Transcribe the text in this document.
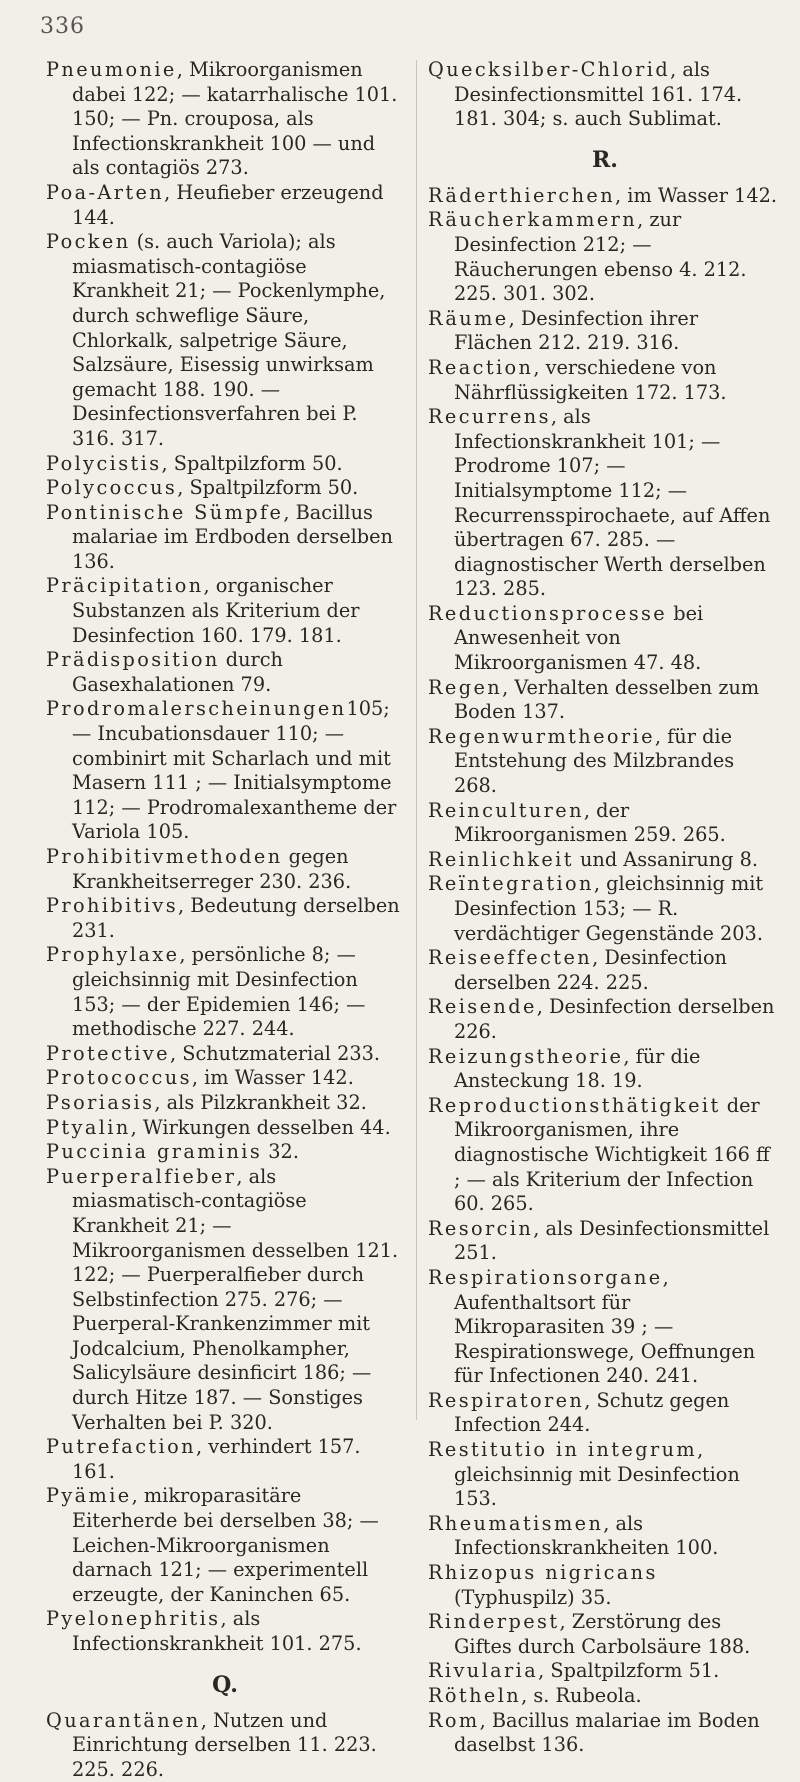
336

Pneumonie, Mikroorganismen dabei 122; — katarrhalische 101. 150; — Pn. crouposa, als Infectionskrankheit 100 — und als contagiös 273.

Poa-Arten, Heufieber erzeugend 144.

Pocken (s. auch Variola); als miasmatisch-contagiöse Krankheit 21; — Pockenlymphe, durch schweflige Säure, Chlorkalk, salpetrige Säure, Salzsäure, Eisessig unwirksam gemacht 188. 190. — Desinfectionsverfahren bei P. 316. 317.

Polycistis, Spaltpilzform 50.

Polycoccus, Spaltpilzform 50.

Pontinische Sümpfe, Bacillus malariae im Erdboden derselben 136.

Präcipitation, organischer Substanzen als Kriterium der Desinfection 160. 179. 181.

Prädisposition durch Gasexhalationen 79.

Prodromalerscheinungen105;— Incubationsdauer 110; — combinirt mit Scharlach und mit Masern 111 ; — Initialsymptome 112; — Prodromalexantheme der Variola 105.

Prohibitivmethoden gegen Krankheitserreger 230. 236.

Prohibitivs, Bedeutung derselben 231.

Prophylaxe, persönliche 8; — gleichsinnig mit Desinfection 153; — der Epidemien 146; — methodische 227. 244.

Protective, Schutzmaterial 233.

Protococcus, im Wasser 142.

Psoriasis, als Pilzkrankheit 32.

Ptyalin, Wirkungen desselben 44.

Puccinia graminis 32.

Puerperalfieber, als miasmatisch-contagiöse Krankheit 21; — Mikroorganismen desselben 121. 122; — Puerperalfieber durch Selbstinfection 275. 276; — Puerperal-Krankenzimmer mit Jodcalcium, Phenolkampher, Salicylsäure desinficirt 186; — durch Hitze 187. — Sonstiges Verhalten bei P. 320.

Putrefaction, verhindert 157. 161.

Pyämie, mikroparasitäre Eiterherde bei derselben 38; — Leichen-Mikroorganismen darnach 121; — experimentell erzeugte, der Kaninchen 65.

Pyelonephritis, als Infectionskrankheit 101. 275.

Q.

Quarantänen, Nutzen und Einrichtung derselben 11. 223. 225. 226.

Quecksilber-Chlorid, als Desinfectionsmittel 161. 174. 181. 304; s. auch Sublimat.

R.

Räderthierchen, im Wasser 142.

Räucherkammern, zur Desinfection 212; — Räucherungen ebenso 4. 212. 225. 301. 302.

Räume, Desinfection ihrer Flächen 212. 219. 316.

Reaction, verschiedene von Nährflüssigkeiten 172. 173.

Recurrens, als Infectionskrankheit 101; — Prodrome 107; — Initialsymptome 112; — Recurrensspirochaete, auf Affen übertragen 67. 285. — diagnostischer Werth derselben 123. 285.

Reductionsprocesse bei Anwesenheit von Mikroorganismen 47. 48.

Regen, Verhalten desselben zum Boden 137.

Regenwurmtheorie, für die Entstehung des Milzbrandes 268.

Reinculturen, der Mikroorganismen 259. 265.

Reinlichkeit und Assanirung 8.

Reïntegration, gleichsinnig mit Desinfection 153; — R. verdächtiger Gegenstände 203.

Reiseeffecten, Desinfection derselben 224. 225.

Reisende, Desinfection derselben 226.

Reizungstheorie, für die Ansteckung 18. 19.

Reproductionsthätigkeit der Mikroorganismen, ihre diagnostische Wichtigkeit 166 ff ; — als Kriterium der Infection 60. 265.

Resorcin, als Desinfectionsmittel 251.

Respirationsorgane, Aufenthaltsort für Mikroparasiten 39 ; — Respirationswege, Oeffnungen für Infectionen 240. 241.

Respiratoren, Schutz gegen Infection 244.

Restitutio in integrum, gleichsinnig mit Desinfection 153.

Rheumatismen, als Infectionskrankheiten 100.

Rhizopus nigricans (Typhuspilz) 35.

Rinderpest, Zerstörung des Giftes durch Carbolsäure 188.

Rivularia, Spaltpilzform 51.

Rötheln, s. Rubeola.

Rom, Bacillus malariae im Boden daselbst 136.
